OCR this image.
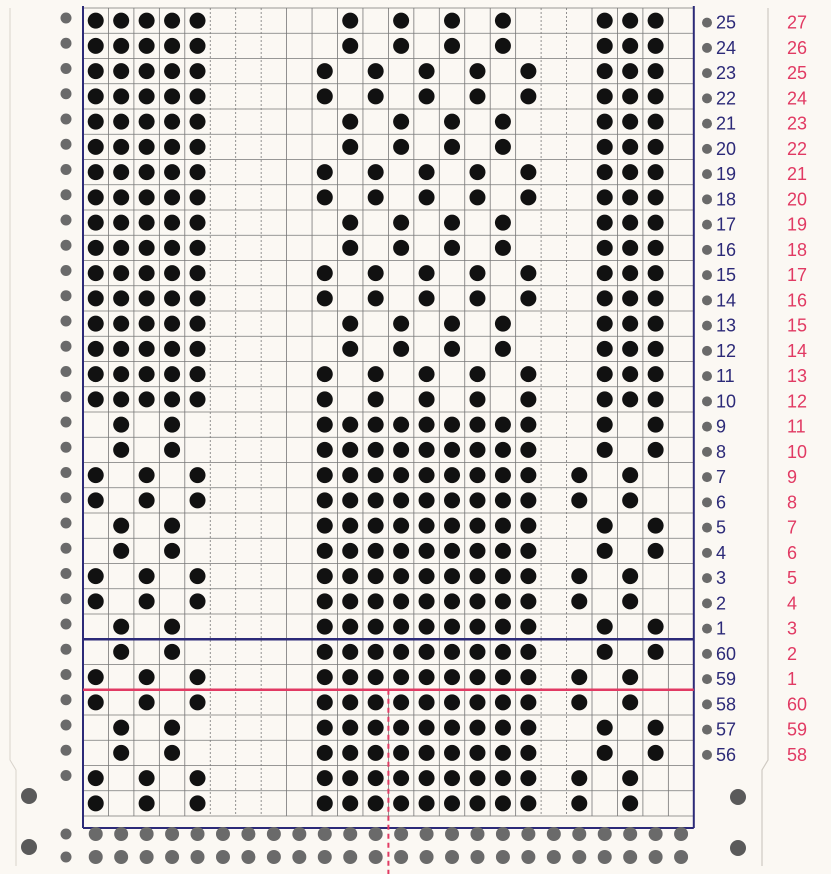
25
24
23
22
21
20
19
18
17
16
15
14
13
12
11
10
9
8
7
6
5
4
3
2
1
60
59
58
57
56
27
26
25
24
23
22
21
20
19
18
17
16
15
14
13
12
11
10
9
8
7
6
5
4
3
2
1
60
59
58
